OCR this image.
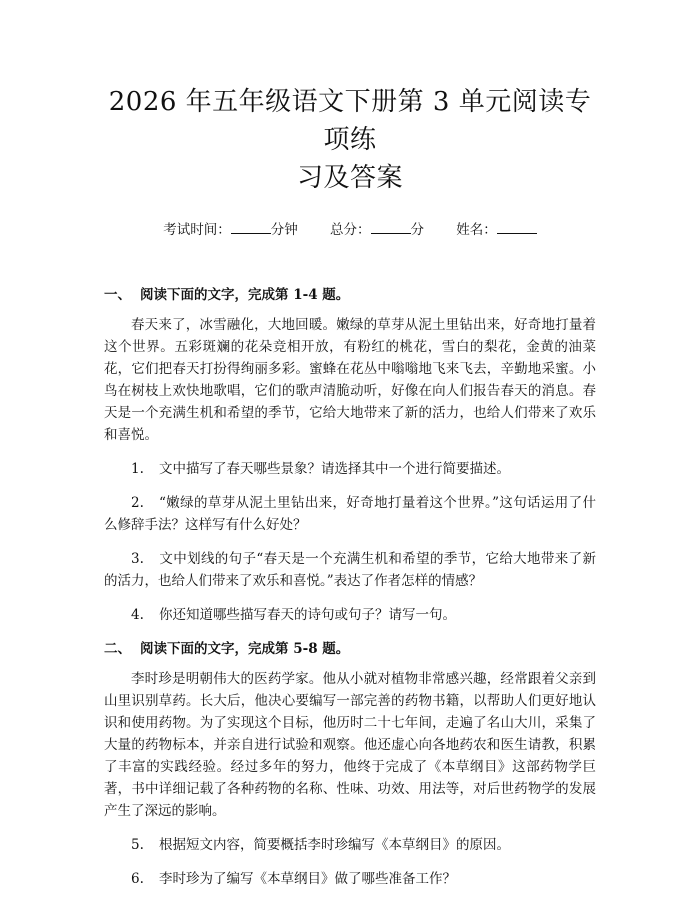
2026 年五年级语文下册第 3 单元阅读专项练
习及答案
考试时间：	分钟 总分：	分 姓名：

一、 阅读下面的文字，完成第 1-4 题。

春天来了，冰雪融化，大地回暖。嫩绿的草芽从泥土里钻出来，好奇地打量着这个世界。五彩斑斓的花朵竞相开放，有粉红的桃花，雪白的梨花，金黄的油菜花，它们把春天打扮得绚丽多彩。蜜蜂在花丛中嗡嗡地飞来飞去，辛勤地采蜜。小鸟在树枝上欢快地歌唱，它们的歌声清脆动听，好像在向人们报告春天的消息。春天是一个充满生机和希望的季节，它给大地带来了新的活力，也给人们带来了欢乐和喜悦。

1. 文中描写了春天哪些景象？请选择其中一个进行简要描述。

2. “嫩绿的草芽从泥土里钻出来，好奇地打量着这个世界。”这句话运用了什么修辞手法？这样写有什么好处？

3. 文中划线的句子“春天是一个充满生机和希望的季节，它给大地带来了新的活力，也给人们带来了欢乐和喜悦。”表达了作者怎样的情感？

4. 你还知道哪些描写春天的诗句或句子？请写一句。

二、 阅读下面的文字，完成第 5-8 题。

李时珍是明朝伟大的医药学家。他从小就对植物非常感兴趣，经常跟着父亲到山里识别草药。长大后，他决心要编写一部完善的药物书籍，以帮助人们更好地认识和使用药物。为了实现这个目标，他历时二十七年间，走遍了名山大川，采集了大量的药物标本，并亲自进行试验和观察。他还虚心向各地药农和医生请教，积累了丰富的实践经验。经过多年的努力，他终于完成了《本草纲目》这部药物学巨著，书中详细记载了各种药物的名称、性味、功效、用法等，对后世药物学的发展产生了深远的影响。

5. 根据短文内容，简要概括李时珍编写《本草纲目》的原因。

6. 李时珍为了编写《本草纲目》做了哪些准备工作？
